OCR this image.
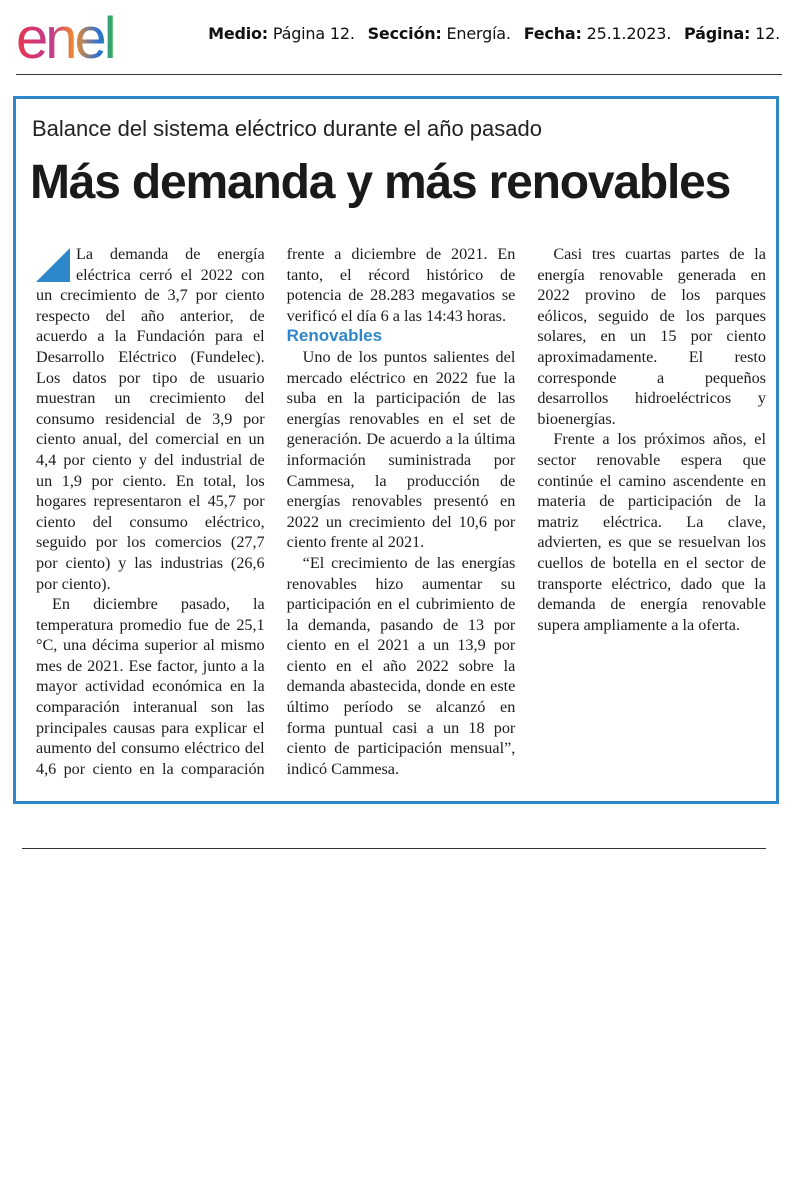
enel	Medio: Página 12. Sección: Energía. Fecha: 25.1.2023. Página: 12.
Balance del sistema eléctrico durante el año pasado
Más demanda y más renovables

La demanda de energía eléctrica cerró el 2022 con un crecimiento de 3,7 por ciento respecto del año anterior, de acuerdo a la Fundación para el Desarrollo Eléctrico (Fundelec). Los datos por tipo de usuario muestran un crecimiento del consumo residencial de 3,9 por ciento anual, del comercial en un 4,4 por ciento y del industrial de un 1,9 por ciento. En total, los hogares representaron el 45,7 por ciento del consumo eléctrico, seguido por los comercios (27,7 por ciento) y las industrias (26,6 por ciento).

En diciembre pasado, la temperatura promedio fue de 25,1 °C, una décima superior al mismo mes de 2021. Ese factor, junto a la mayor actividad económica en la comparación interanual son las principales causas para explicar el aumento del consumo eléctrico del 4,6 por ciento en la comparación frente a diciembre de 2021. En tanto, el récord histórico de potencia de 28.283 megavatios se verificó el día 6 a las 14:43 horas.

Renovables

Uno de los puntos salientes del mercado eléctrico en 2022 fue la suba en la participación de las energías renovables en el set de generación. De acuerdo a la última información suministrada por Cammesa, la producción de energías renovables presentó en 2022 un crecimiento del 10,6 por ciento frente al 2021.

“El crecimiento de las energías renovables hizo aumentar su participación en el cubrimiento de la demanda, pasando de 13 por ciento en el 2021 a un 13,9 por ciento en el año 2022 sobre la demanda abastecida, donde en este último período se alcanzó en forma puntual casi a un 18 por ciento de participación mensual”, indicó Cammesa.

Casi tres cuartas partes de la energía renovable generada en 2022 provino de los parques eólicos, seguido de los parques solares, en un 15 por ciento aproximadamente. El resto corresponde a pequeños desarrollos hidroeléctricos y bioenergías.

Frente a los próximos años, el sector renovable espera que continúe el camino ascendente en materia de participación de la matriz eléctrica. La clave, advierten, es que se resuelvan los cuellos de botella en el sector de transporte eléctrico, dado que la demanda de energía renovable supera ampliamente a la oferta.
